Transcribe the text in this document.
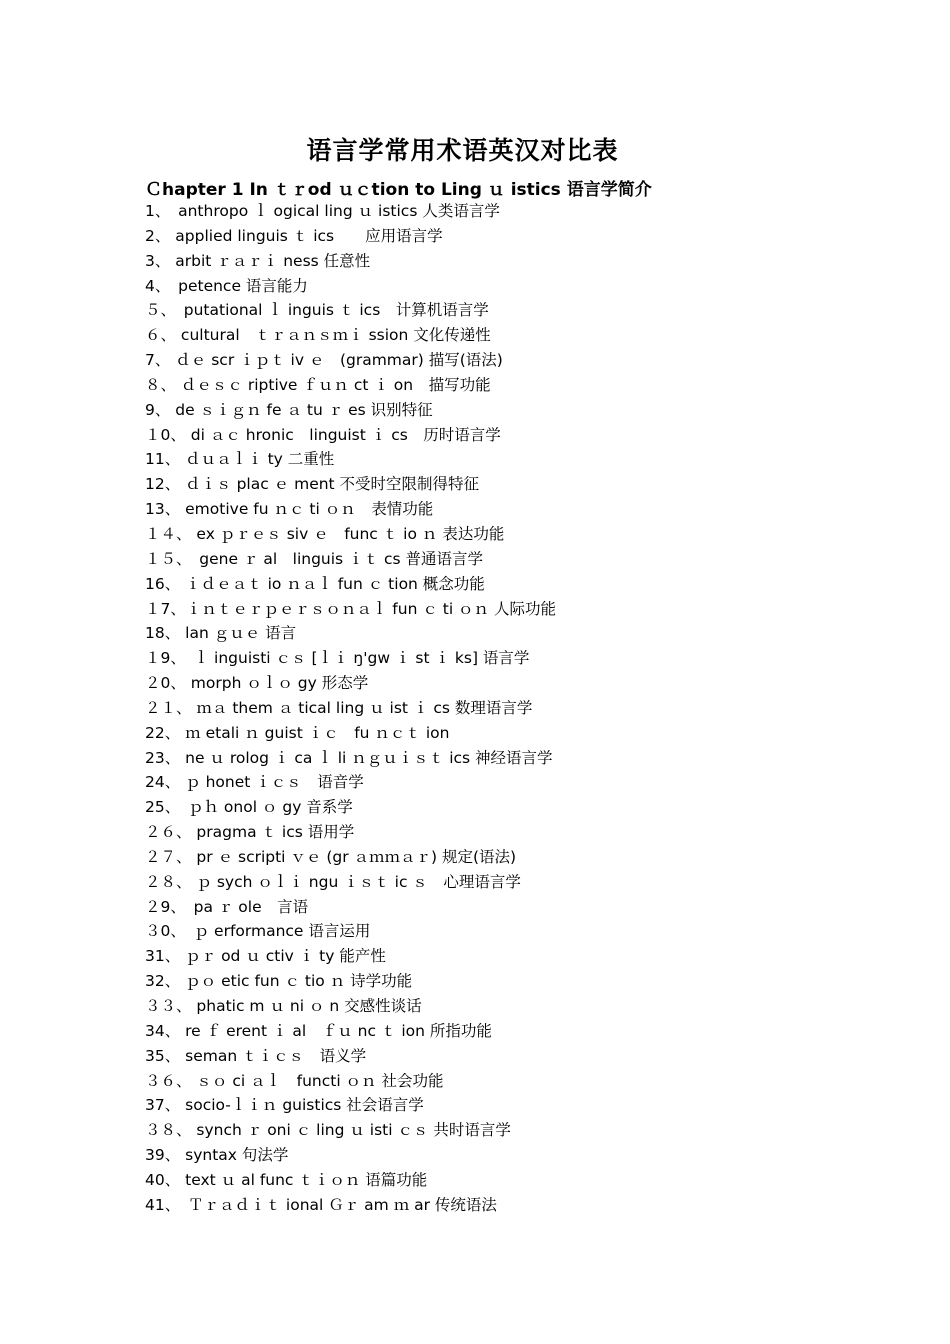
语言学常用术语英汉对比表
Ｃhapter 1 In ｔｒod ｕｃtion to Ling ｕ istics 语言学简介
1、　anthropo ｌ ogical ling ｕ istics 人类语言学
2、 applied linguis ｔ ics　　应用语言学
3、 arbit ｒａｒｉ ness 任意性
4、　petence 语言能力
５、　putational ｌ inguis ｔ ics　计算机语言学
６、 cultural　ｔｒａｎｓｍｉ ssion 文化传递性
7、 ｄｅ scr ｉｐｔ iv ｅ　(grammar) 描写(语法)
８、 ｄｅｓｃ riptive ｆｕｎ ct ｉ on　描写功能
9、 de ｓｉｇｎ fe ａ tu ｒ es 识别特征
１0、 di ａｃ hronic　linguist ｉ cs　历时语言学
11、 ｄｕａｌｉ ty 二重性
12、 ｄｉｓ plac ｅ ment 不受时空限制得特征
13、 emotive fu ｎｃ ti ｏｎ　表情功能
１４、 ex ｐｒｅｓ siv ｅ　func ｔ io ｎ 表达功能
１５、　gene ｒ al　linguis ｉｔ cs 普通语言学
16、 ｉｄｅａｔ io ｎａｌ fun ｃ tion 概念功能
１7、ｉｎｔｅｒｐｅｒｓｏｎａｌ fun ｃ ti ｏｎ 人际功能
18、 lan ｇｕｅ 语言
１9、　ｌ inguisti ｃｓ [ｌｉ ŋ'gw ｉ st ｉ ks] 语言学
２0、 morph ｏｌｏ gy 形态学
２１、 ｍａ them ａ tical ling ｕ ist ｉ cs 数理语言学
22、 ｍ etali ｎ guist ｉｃ　fu ｎｃｔ ion
23、 ne ｕ rolog ｉ ca ｌ li ｎｇｕｉｓｔ ics 神经语言学
24、 ｐ honet ｉｃｓ　语音学
25、　ｐｈ onol ｏ gy 音系学
２６、 pragma ｔ ics 语用学
２７、 pr ｅ scripti ｖｅ (gr ａｍｍａｒ) 规定(语法)
２８、 ｐ sych ｏｌｉ ngu ｉｓｔ ic ｓ　心理语言学
２9、　pa ｒ ole　言语
３0、　ｐ erformance 语言运用
31、 ｐｒ od ｕ ctiv ｉ ty 能产性
32、 ｐｏ etic fun ｃ tio ｎ 诗学功能
３３、 phatic m ｕ ni ｏ n 交感性谈话
34、 re ｆ erent ｉ al　ｆｕ nc ｔ ion 所指功能
35、 seman ｔｉｃｓ　语义学
３６、 ｓｏ ci ａｌ　functi ｏｎ 社会功能
37、 socio-ｌｉｎ guistics 社会语言学
３８、 synch ｒ oni ｃ ling ｕ isti ｃｓ 共时语言学
39、 syntax 句法学
40、 text ｕ al func ｔｉｏｎ 语篇功能
41、　Ｔｒａｄｉｔ ional Ｇｒ am ｍ ar 传统语法
